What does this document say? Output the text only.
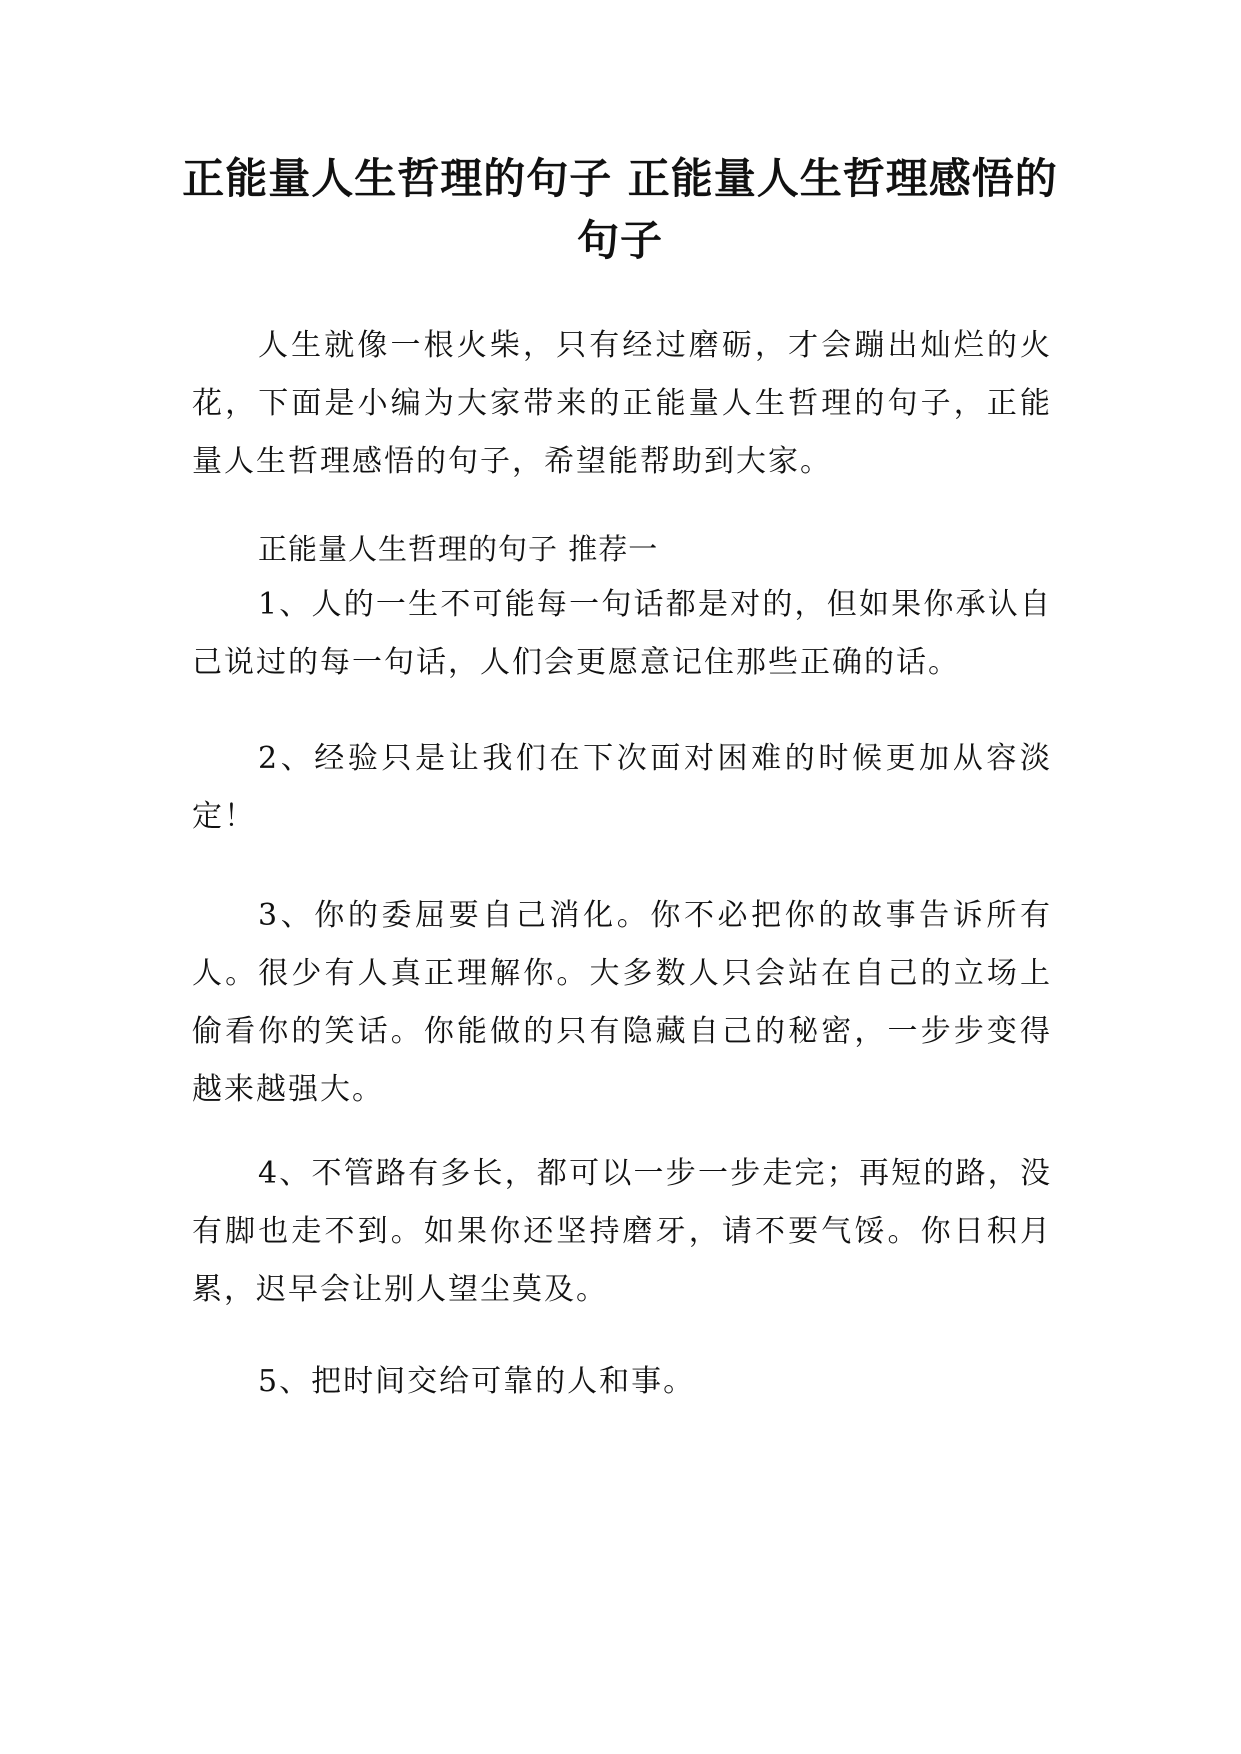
正能量人生哲理的句子 正能量人生哲理感悟的句子

人生就像一根火柴，只有经过磨砺，才会蹦出灿烂的火花，下面是小编为大家带来的正能量人生哲理的句子，正能量人生哲理感悟的句子，希望能帮助到大家。

正能量人生哲理的句子 推荐一

1、人的一生不可能每一句话都是对的，但如果你承认自己说过的每一句话，人们会更愿意记住那些正确的话。

2、经验只是让我们在下次面对困难的时候更加从容淡定！

3、你的委屈要自己消化。你不必把你的故事告诉所有人。很少有人真正理解你。大多数人只会站在自己的立场上偷看你的笑话。你能做的只有隐藏自己的秘密，一步步变得越来越强大。

4、不管路有多长，都可以一步一步走完；再短的路，没有脚也走不到。如果你还坚持磨牙，请不要气馁。你日积月累，迟早会让别人望尘莫及。

5、把时间交给可靠的人和事。
